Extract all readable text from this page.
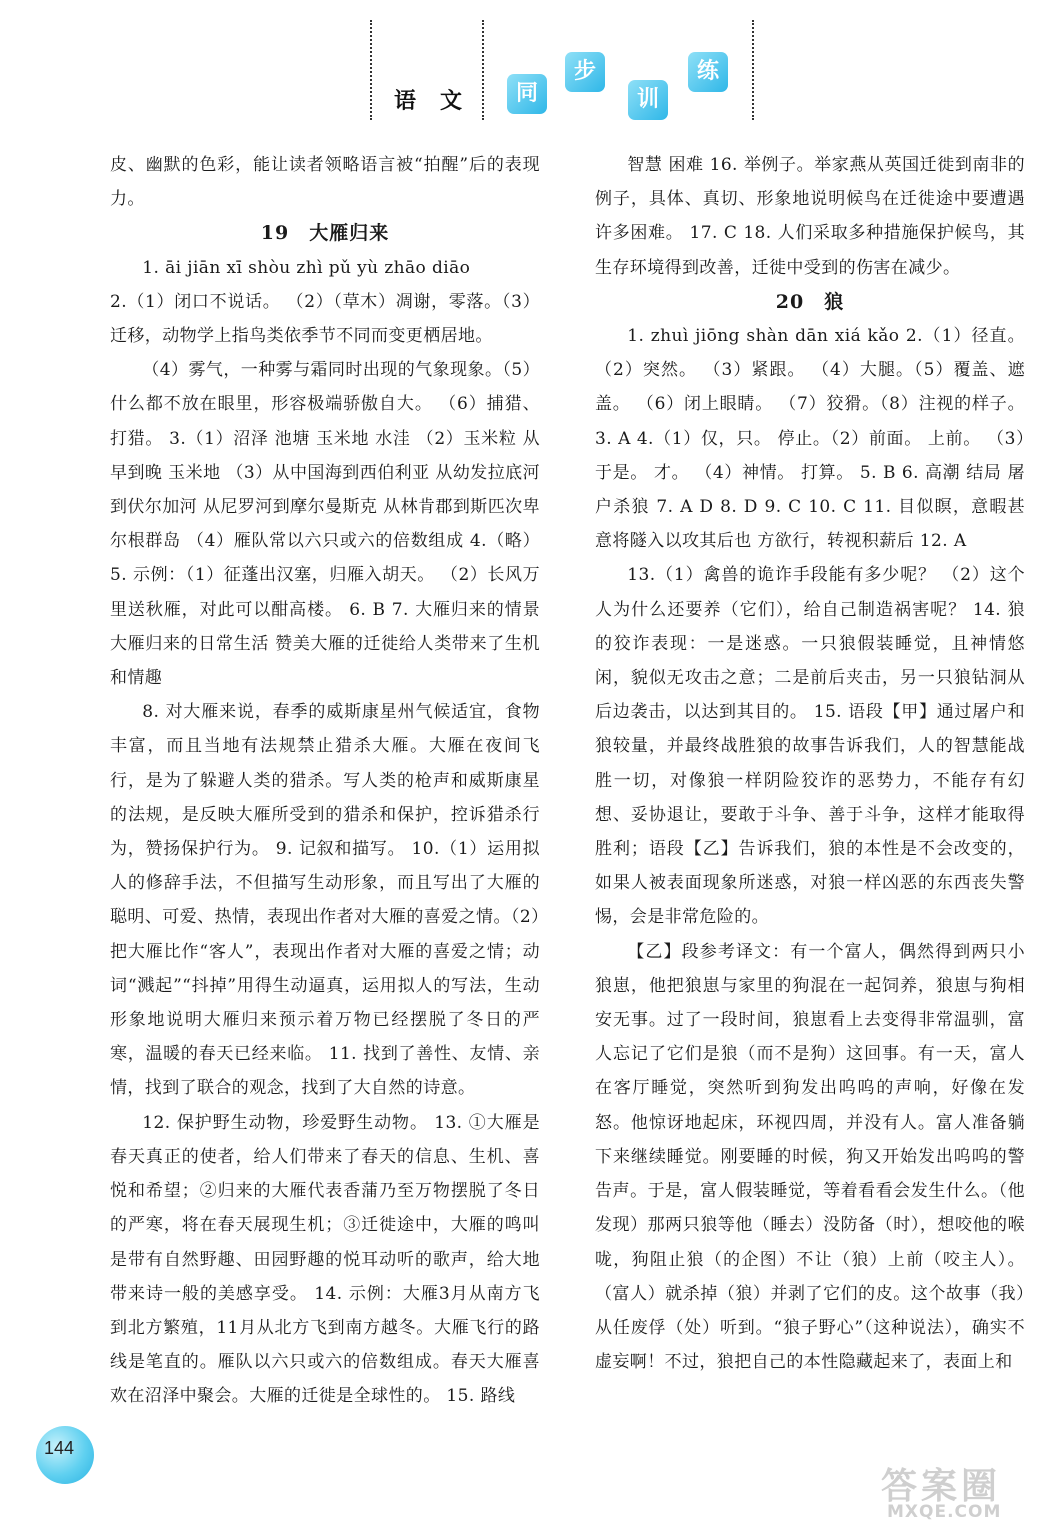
语 文	同
步
训
练

皮、幽默的色彩，能让读者领略语言被“拍醒”后的表现力。

19　大雁归来

1. āi jiān xī shòu zhì pǔ yù zhāo diāo

2.（1）闭口不说话。 （2）（草木）凋谢，零落。（3）迁移，动物学上指鸟类依季节不同而变更栖居地。

（4）雾气，一种雾与霜同时出现的气象现象。（5）什么都不放在眼里，形容极端骄傲自大。 （6）捕猎、打猎。 3.（1）沼泽 池塘 玉米地 水洼 （2）玉米粒 从早到晚 玉米地 （3）从中国海到西伯利亚 从幼发拉底河到伏尔加河 从尼罗河到摩尔曼斯克 从林肯郡到斯匹次卑尔根群岛 （4）雁队常以六只或六的倍数组成 4.（略） 5. 示例：（1）征蓬出汉塞，归雁入胡天。 （2）长风万里送秋雁，对此可以酣高楼。 6. B 7. 大雁归来的情景 大雁归来的日常生活 赞美大雁的迁徙给人类带来了生机和情趣

8. 对大雁来说，春季的威斯康星州气候适宜，食物丰富，而且当地有法规禁止猎杀大雁。大雁在夜间飞行，是为了躲避人类的猎杀。写人类的枪声和威斯康星的法规，是反映大雁所受到的猎杀和保护，控诉猎杀行为，赞扬保护行为。 9. 记叙和描写。 10.（1）运用拟人的修辞手法，不但描写生动形象，而且写出了大雁的聪明、可爱、热情，表现出作者对大雁的喜爱之情。（2）把大雁比作“客人”，表现出作者对大雁的喜爱之情；动词“溅起”“抖掉”用得生动逼真，运用拟人的写法，生动形象地说明大雁归来预示着万物已经摆脱了冬日的严寒，温暖的春天已经来临。 11. 找到了善性、友情、亲情，找到了联合的观念，找到了大自然的诗意。

12. 保护野生动物，珍爱野生动物。 13. ①大雁是春天真正的使者，给人们带来了春天的信息、生机、喜悦和希望；②归来的大雁代表香蒲乃至万物摆脱了冬日的严寒，将在春天展现生机；③迁徙途中，大雁的鸣叫是带有自然野趣、田园野趣的悦耳动听的歌声，给大地带来诗一般的美感享受。 14. 示例：大雁3月从南方飞到北方繁殖，11月从北方飞到南方越冬。大雁飞行的路线是笔直的。雁队以六只或六的倍数组成。春天大雁喜欢在沼泽中聚会。大雁的迁徙是全球性的。 15. 路线

智慧 困难 16. 举例子。举家燕从英国迁徙到南非的例子，具体、真切、形象地说明候鸟在迁徙途中要遭遇许多困难。 17. C 18. 人们采取多种措施保护候鸟，其生存环境得到改善，迁徙中受到的伤害在减少。

20　狼

1. zhuì jiōng shàn dān xiá kǎo 2.（1）径直。 （2）突然。 （3）紧跟。 （4）大腿。（5）覆盖、遮盖。 （6）闭上眼睛。 （7）狡猾。（8）注视的样子。 3. A 4.（1）仅，只。 停止。（2）前面。 上前。 （3）于是。 才。 （4）神情。 打算。 5. B 6. 高潮 结局 屠户杀狼 7. A D 8. D 9. C 10. C 11. 目似瞑，意暇甚 意将隧入以攻其后也 方欲行，转视积薪后 12. A

13.（1）禽兽的诡诈手段能有多少呢？ （2）这个人为什么还要养（它们），给自己制造祸害呢？ 14. 狼的狡诈表现：一是迷惑。一只狼假装睡觉，且神情悠闲，貌似无攻击之意；二是前后夹击，另一只狼钻洞从后边袭击，以达到其目的。 15. 语段【甲】通过屠户和狼较量，并最终战胜狼的故事告诉我们，人的智慧能战胜一切，对像狼一样阴险狡诈的恶势力，不能存有幻想、妥协退让，要敢于斗争、善于斗争，这样才能取得胜利；语段【乙】告诉我们，狼的本性是不会改变的，如果人被表面现象所迷惑，对狼一样凶恶的东西丧失警惕，会是非常危险的。

【乙】段参考译文：有一个富人，偶然得到两只小狼崽，他把狼崽与家里的狗混在一起饲养，狼崽与狗相安无事。过了一段时间，狼崽看上去变得非常温驯，富人忘记了它们是狼（而不是狗）这回事。有一天，富人在客厅睡觉，突然听到狗发出呜呜的声响，好像在发怒。他惊讶地起床，环视四周，并没有人。富人准备躺下来继续睡觉。刚要睡的时候，狗又开始发出呜呜的警告声。于是，富人假装睡觉，等着看看会发生什么。（他发现）那两只狼等他（睡去）没防备（时），想咬他的喉咙，狗阻止狼（的企图）不让（狼）上前（咬主人）。（富人）就杀掉（狼）并剥了它们的皮。这个故事（我）从任废俘（处）听到。“狼子野心”（这种说法），确实不虚妄啊！不过，狼把自己的本性隐藏起来了，表面上和

144
答案圈
MXQE.COM
